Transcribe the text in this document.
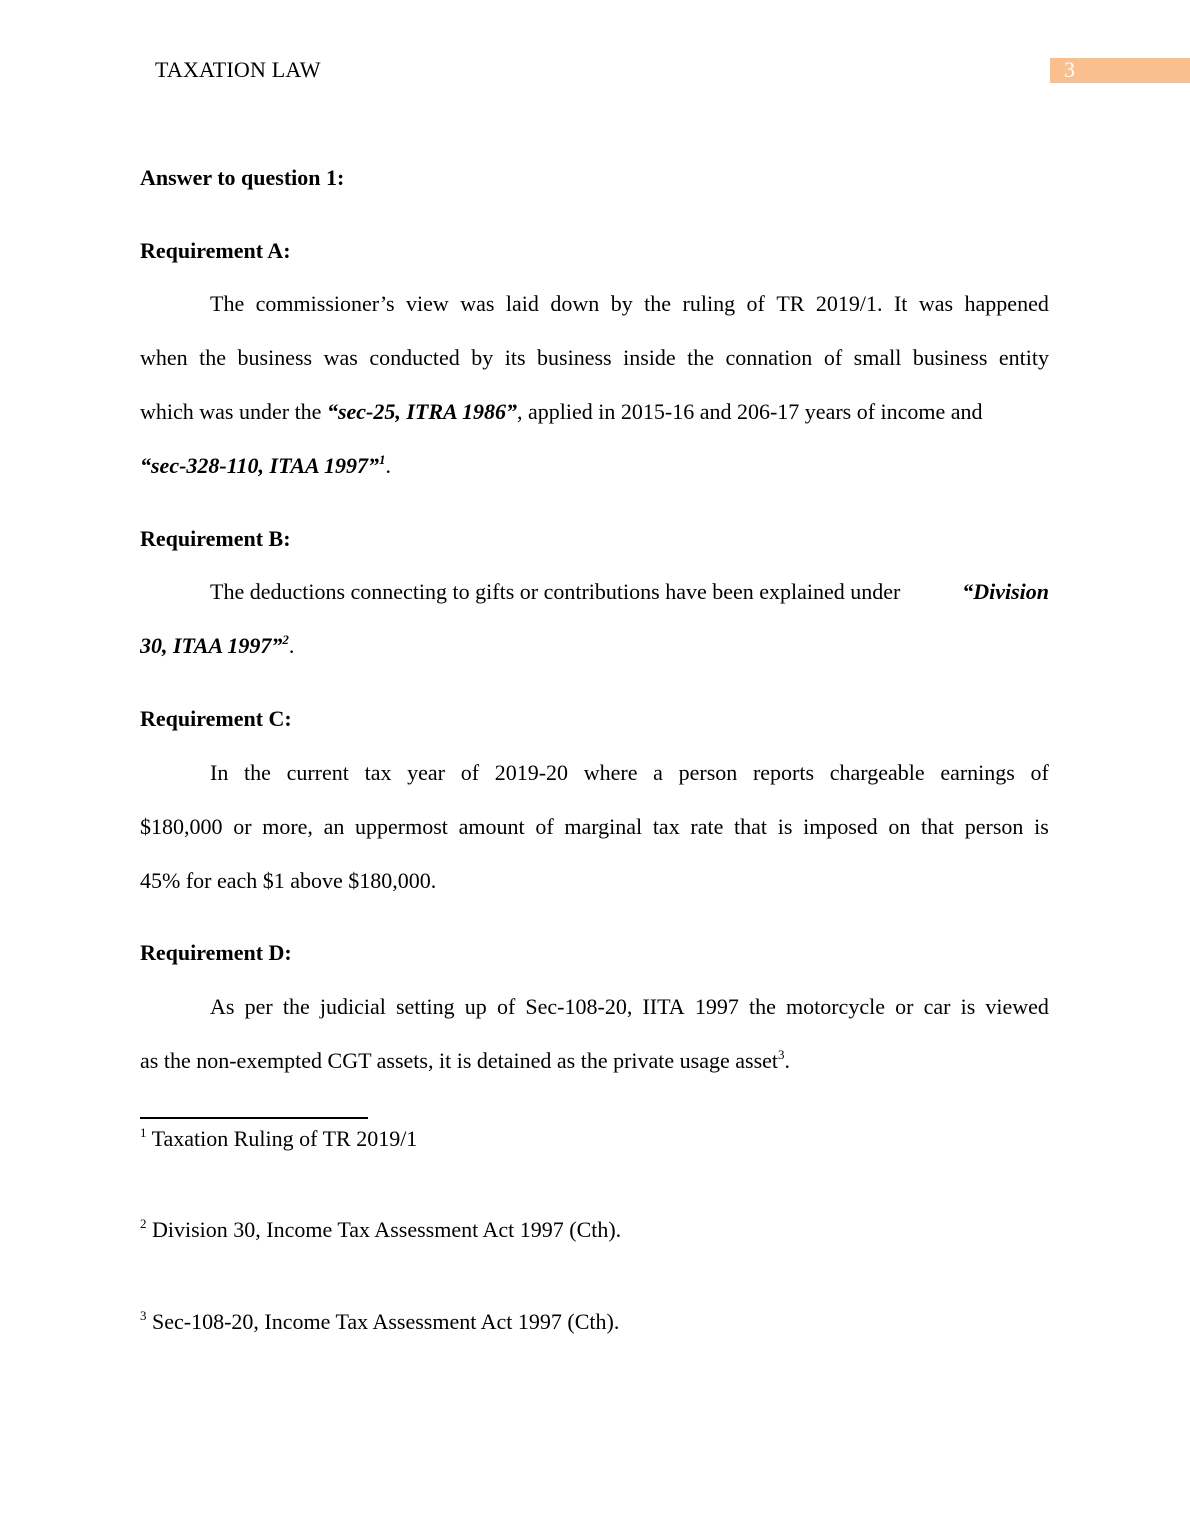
TAXATION LAW	3
Answer to question 1:
Requirement A:
The commissioner’s view was laid down by the ruling of TR 2019/1. It was happened
when the business was conducted by its business inside the connation of small business entity
which was under the “sec-25, ITRA 1986”, applied in 2015-16 and 206-17 years of income and
“sec-328-110, ITAA 1997”$^1$.
Requirement B:
The deductions connecting to gifts or contributions have been explained under	“Division
30, ITAA 1997”$^2$.
Requirement C:
In the current tax year of 2019-20 where a person reports chargeable earnings of
$180,000 or more, an uppermost amount of marginal tax rate that is imposed on that person is
45% for each $1 above $180,000.
Requirement D:
As per the judicial setting up of Sec-108-20, IITA 1997 the motorcycle or car is viewed
as the non-exempted CGT assets, it is detained as the private usage asset$^3$.
$^1$ Taxation Ruling of TR 2019/1
$^2$ Division 30, Income Tax Assessment Act 1997 (Cth).
$^3$ Sec-108-20, Income Tax Assessment Act 1997 (Cth).
